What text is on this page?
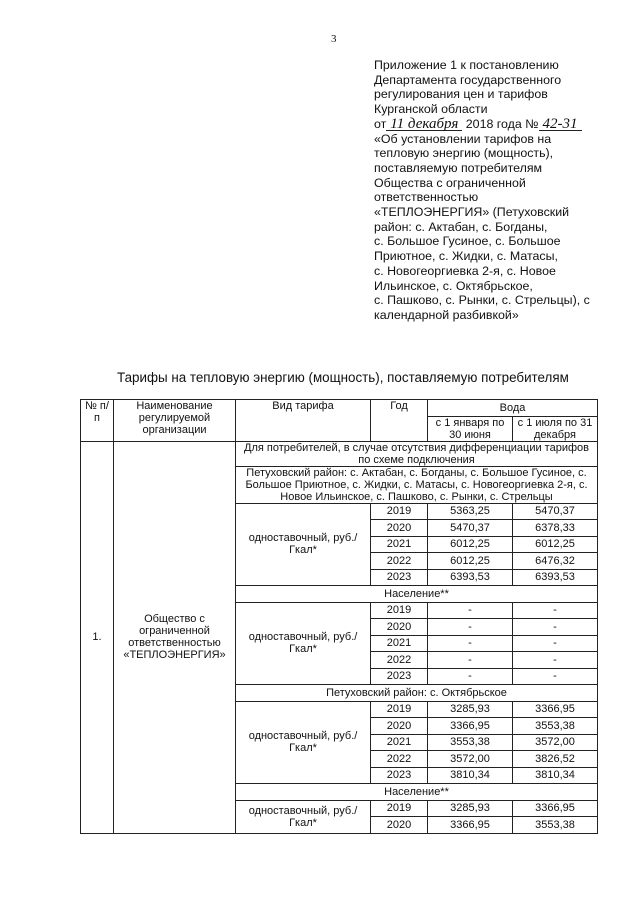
3
Приложение 1 к постановлению
Департамента государственного
регулирования цен и тарифов
Курганской области
от 11 декабря 2018 года № 42-31
«Об установлении тарифов на
тепловую энергию (мощность),
поставляемую потребителям
Общества с ограниченной
ответственностью
«ТЕПЛОЭНЕРГИЯ» (Петуховский
район: с. Актабан, с. Богданы,
с. Большое Гусиное, с. Большое
Приютное, с. Жидки, с. Матасы,
с. Новогеоргиевка 2-я, с. Новое
Ильинское, с. Октябрьское,
с. Пашково, с. Рынки, с. Стрельцы), с
календарной разбивкой»
Тарифы на тепловую энергию (мощность), поставляемую потребителям
№ п/п	Наименование регулируемой организации	Вид тарифа	Год	Вода	
				с 1 января по 30 июня	с 1 июля по 31 декабря
1.	Общество с ограниченной ответственностью «ТЕПЛОЭНЕРГИЯ»	Для потребителей, в случае отсутствия дифференциации тарифов по схеме подключения			
		Петуховский район: с. Актабан, с. Богданы, с. Большое Гусиное, с. Большое Приютное, с. Жидки, с. Матасы, с. Новогеоргиевка 2-я, с. Новое Ильинское, с. Пашково, с. Рынки, с. Стрельцы			
		одноставочный, руб./Гкал*	2019	5363,25	5470,37
			2020	5470,37	6378,33
			2021	6012,25	6012,25
			2022	6012,25	6476,32
			2023	6393,53	6393,53
		Население**			
		одноставочный, руб./Гкал*	2019	-	-
			2020	-	-
			2021	-	-
			2022	-	-
			2023	-	-
		Петуховский район: с. Октябрьское			
		одноставочный, руб./Гкал*	2019	3285,93	3366,95
			2020	3366,95	3553,38
			2021	3553,38	3572,00
			2022	3572,00	3826,52
			2023	3810,34	3810,34
		Население**			
		одноставочный, руб./Гкал*	2019	3285,93	3366,95
			2020	3366,95	3553,38
